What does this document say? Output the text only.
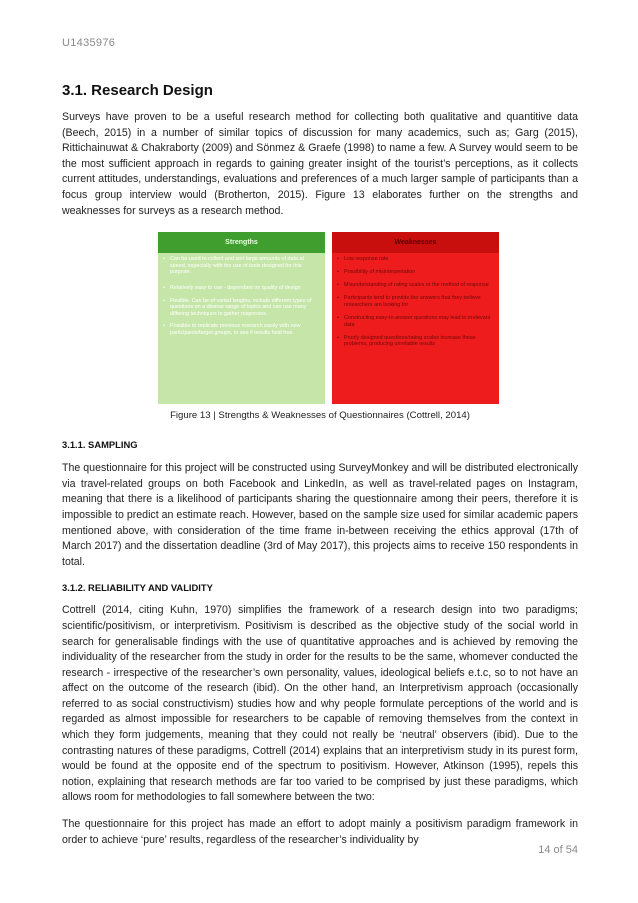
U1435976
3.1. Research Design

Surveys have proven to be a useful research method for collecting both qualitative and quantitive data (Beech, 2015) in a number of similar topics of discussion for many academics, such as; Garg (2015), Rittichainuwat & Chakraborty (2009) and Sönmez & Graefe (1998) to name a few. A Survey would seem to be the most sufficient approach in regards to gaining greater insight of the tourist’s perceptions, as it collects current attitudes, understandings, evaluations and preferences of a much larger sample of participants than a focus group interview would (Brotherton, 2015). Figure 13 elaborates further on the strengths and weaknesses for surveys as a research method.

Strengths
• Can be used to collect and sort large amounts of data at speed, especially with the use of tools designed for this purpose.
• Relatively easy to use - dependant on quality of design
• Flexible. Can be of varied lengths, include different types of questions on a diverse range of topics and can use many differing techniques to gather responses.
• Possible to replicate previous research easily with new participants/target groups, to see if results hold true.
Weaknesses
• Low response rate
• Possibility of misinterpretation
• Misunderstanding of rating scales or the method of response
• Participants tend to provide the answers that they believe researchers are looking for
• Constructing easy-to-answer questions may lead to irrelevant data
• Poorly designed questions/rating scales increase these problems, producing unreliable results
Figure 13 | Strengths & Weaknesses of Questionnaires (Cottrell, 2014)
3.1.1. SAMPLING

The questionnaire for this project will be constructed using SurveyMonkey and will be distributed electronically via travel-related groups on both Facebook and LinkedIn, as well as travel-related pages on Instagram, meaning that there is a likelihood of participants sharing the questionnaire among their peers, therefore it is impossible to predict an estimate reach. However, based on the sample size used for similar academic papers mentioned above, with consideration of the time frame in-between receiving the ethics approval (17th of March 2017) and the dissertation deadline (3rd of May 2017), this projects aims to receive 150 respondents in total.

3.1.2. RELIABILITY AND VALIDITY

Cottrell (2014, citing Kuhn, 1970) simplifies the framework of a research design into two paradigms; scientific/positivism, or interpretivism. Positivism is described as the objective study of the social world in search for generalisable findings with the use of quantitative approaches and is achieved by removing the individuality of the researcher from the study in order for the results to be the same, whomever conducted the research - irrespective of the researcher’s own personality, values, ideological beliefs e.t.c, so to not have an affect on the outcome of the research (ibid). On the other hand, an Interpretivism approach (occasionally referred to as social constructivism) studies how and why people formulate perceptions of the world and is regarded as almost impossible for researchers to be capable of removing themselves from the context in which they form judgements, meaning that they could not really be ‘neutral’ observers (ibid). Due to the contrasting natures of these paradigms, Cottrell (2014) explains that an interpretivism study in its purest form, would be found at the opposite end of the spectrum to positivism. However, Atkinson (1995), repels this notion, explaining that research methods are far too varied to be comprised by just these paradigms, which allows room for methodologies to fall somewhere between the two:

The questionnaire for this project has made an effort to adopt mainly a positivism paradigm framework in order to achieve ‘pure’ results, regardless of the researcher’s individuality by

14 of 54
